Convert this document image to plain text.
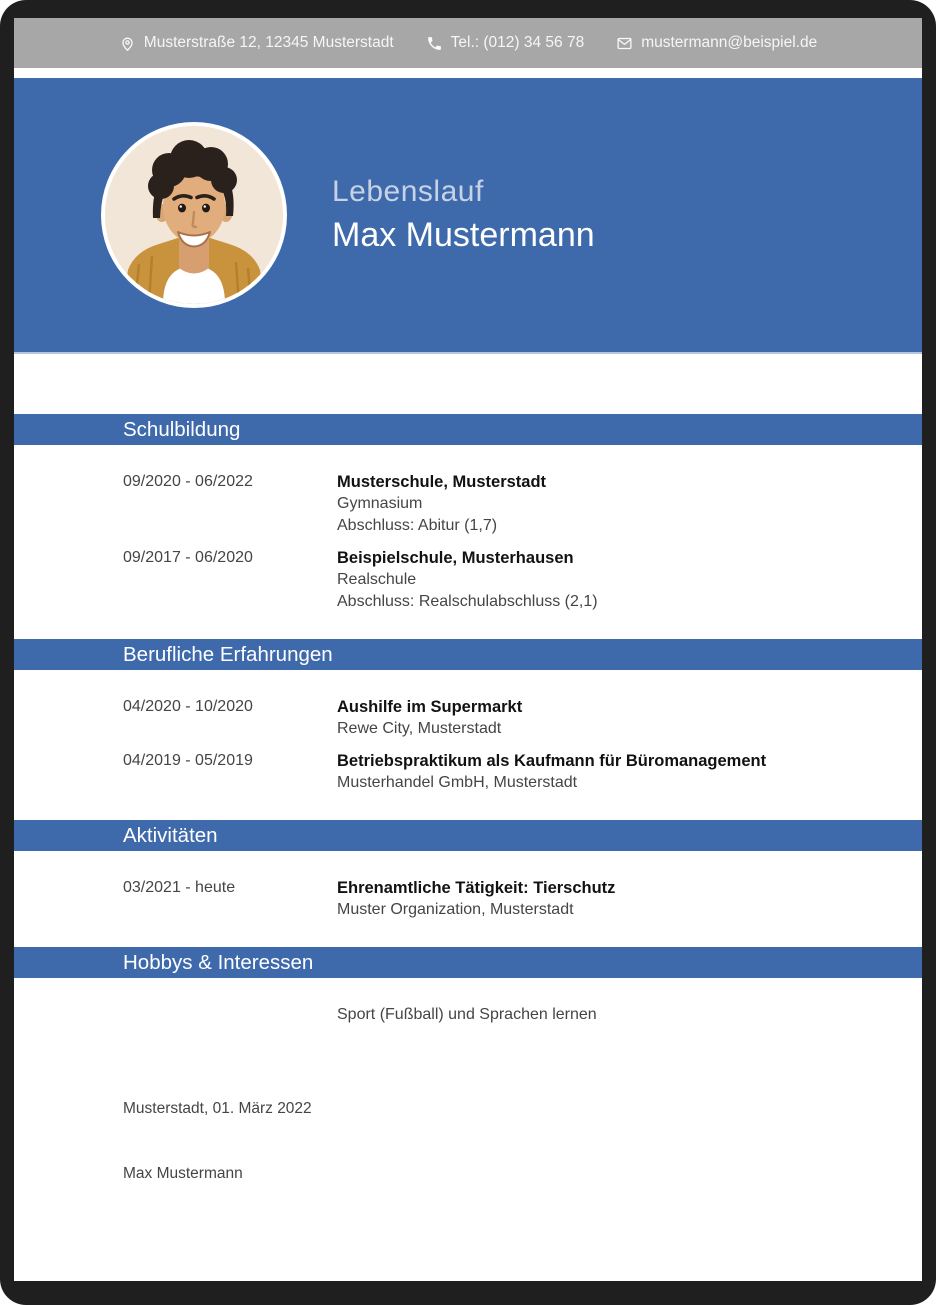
Musterstraße 12, 12345 Musterstadt	Tel.: (012) 34 56 78	mustermann@beispiel.de
Lebenslauf
Max Mustermann
Schulbildung
09/2020 - 06/2022	Musterschule, Musterstadt
Gymnasium
Abschluss: Abitur (1,7)
09/2017 - 06/2020	Beispielschule, Musterhausen
Realschule
Abschluss: Realschulabschluss (2,1)
Berufliche Erfahrungen
04/2020 - 10/2020	Aushilfe im Supermarkt
Rewe City, Musterstadt
04/2019 - 05/2019	Betriebspraktikum als Kaufmann für Büromanagement
Musterhandel GmbH, Musterstadt
Aktivitäten
03/2021 - heute	Ehrenamtliche Tätigkeit: Tierschutz
Muster Organization, Musterstadt
Hobbys & Interessen
Sport (Fußball) und Sprachen lernen
Musterstadt, 01. März 2022
Max Mustermann
